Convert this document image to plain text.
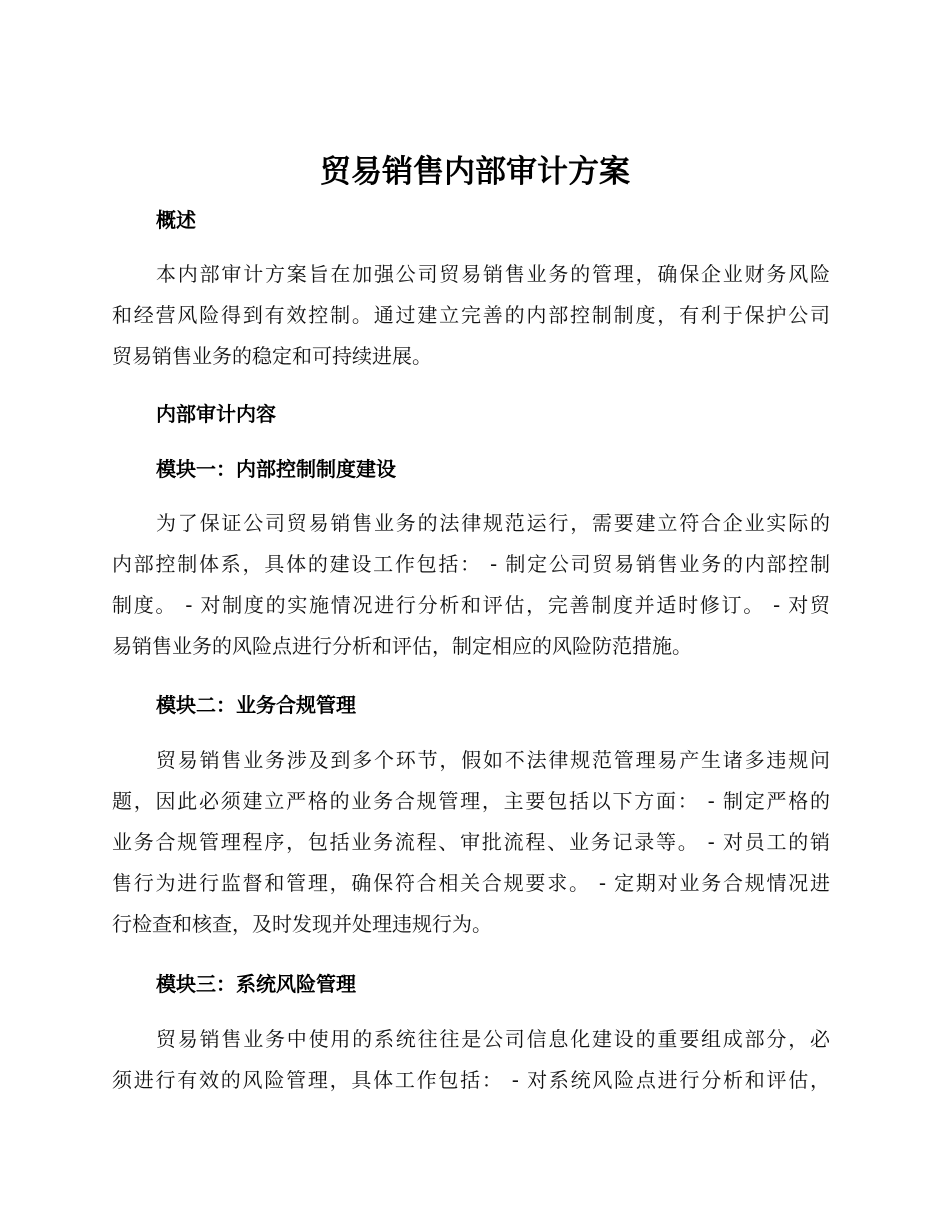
贸易销售内部审计方案
概述
本内部审计方案旨在加强公司贸易销售业务的管理，确保企业财务风险
和经营风险得到有效控制。通过建立完善的内部控制制度，有利于保护公司
贸易销售业务的稳定和可持续进展。
内部审计内容
模块一：内部控制制度建设
为了保证公司贸易销售业务的法律规范运行，需要建立符合企业实际的
内部控制体系，具体的建设工作包括： - 制定公司贸易销售业务的内部控制
制度。 - 对制度的实施情况进行分析和评估，完善制度并适时修订。 - 对贸
易销售业务的风险点进行分析和评估，制定相应的风险防范措施。
模块二：业务合规管理
贸易销售业务涉及到多个环节，假如不法律规范管理易产生诸多违规问
题，因此必须建立严格的业务合规管理，主要包括以下方面： - 制定严格的
业务合规管理程序，包括业务流程、审批流程、业务记录等。 - 对员工的销
售行为进行监督和管理，确保符合相关合规要求。 - 定期对业务合规情况进
行检查和核查，及时发现并处理违规行为。
模块三：系统风险管理
贸易销售业务中使用的系统往往是公司信息化建设的重要组成部分，必
须进行有效的风险管理，具体工作包括： - 对系统风险点进行分析和评估，
